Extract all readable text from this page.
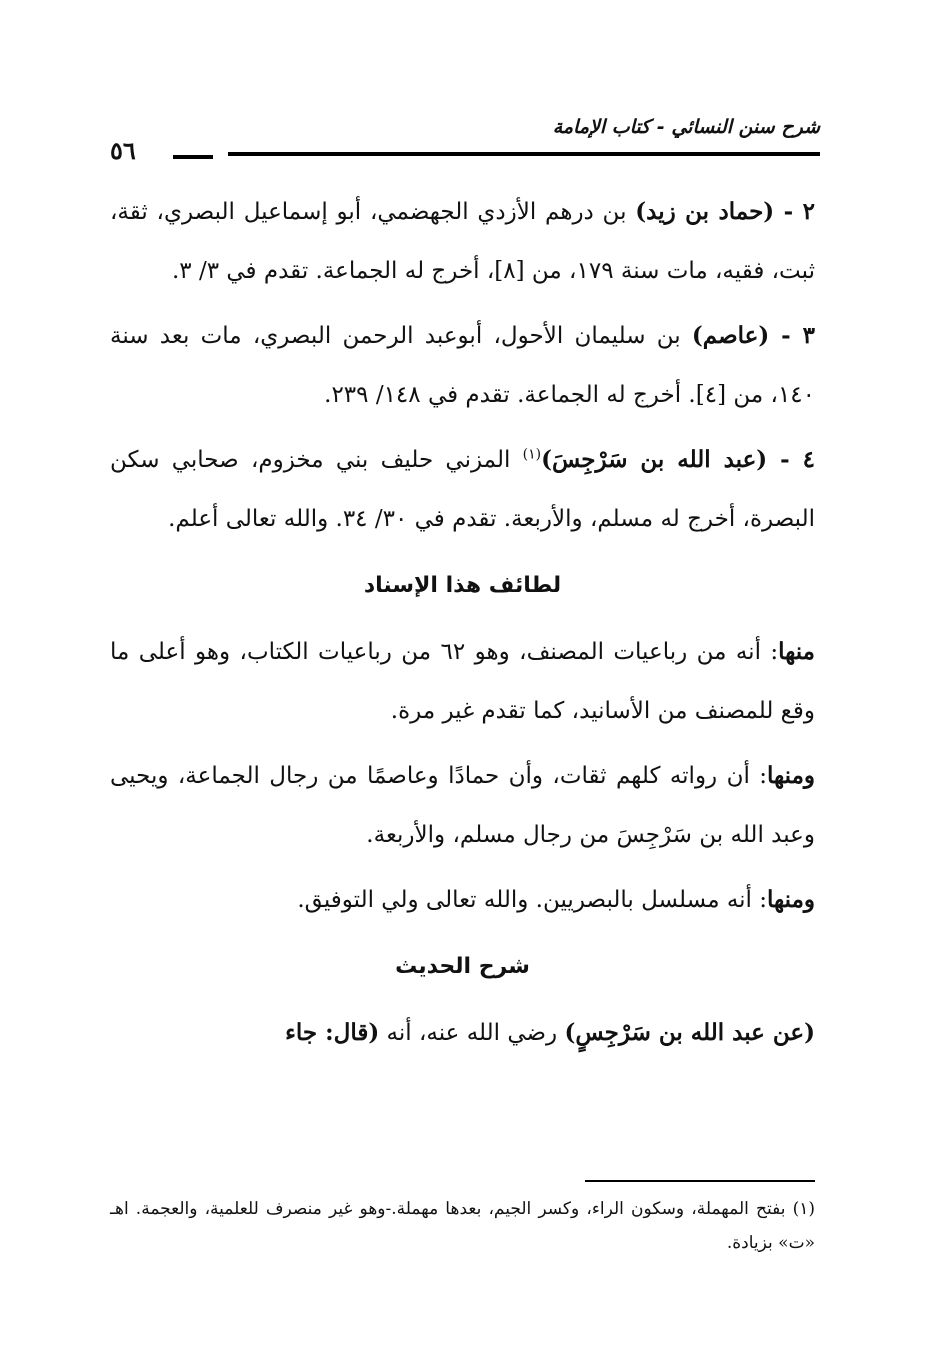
شرح سنن النسائي - كتاب الإمامة
٥٦

٢ - (حماد بن زيد) بن درهم الأزدي الجهضمي، أبو إسماعيل البصري، ثقة، ثبت، فقيه، مات سنة ١٧٩، من [٨]، أخرج له الجماعة. تقدم في ٣/ ٣.

٣ - (عاصم) بن سليمان الأحول، أبوعبد الرحمن البصري، مات بعد سنة ١٤٠، من [٤]. أخرج له الجماعة. تقدم في ١٤٨/ ٢٣٩.

٤ - (عبد الله بن سَرْجِسَ)$^{(١)}$ المزني حليف بني مخزوم، صحابي سكن البصرة، أخرج له مسلم، والأربعة. تقدم في ٣٠/ ٣٤. والله تعالى أعلم.

لطائف هذا الإسناد

منها: أنه من رباعيات المصنف، وهو ٦٢ من رباعيات الكتاب، وهو أعلى ما وقع للمصنف من الأسانيد، كما تقدم غير مرة.

ومنها: أن رواته كلهم ثقات، وأن حمادًا وعاصمًا من رجال الجماعة، ويحيى وعبد الله بن سَرْجِسَ من رجال مسلم، والأربعة.

ومنها: أنه مسلسل بالبصريين. والله تعالى ولي التوفيق.

شرح الحديث

(عن عبد الله بن سَرْجِسٍ) رضي الله عنه، أنه (قال: جاء

(١) بفتح المهملة، وسكون الراء، وكسر الجيم، بعدها مهملة.-وهو غير منصرف للعلمية، والعجمة. اهـ «ت» بزيادة.
